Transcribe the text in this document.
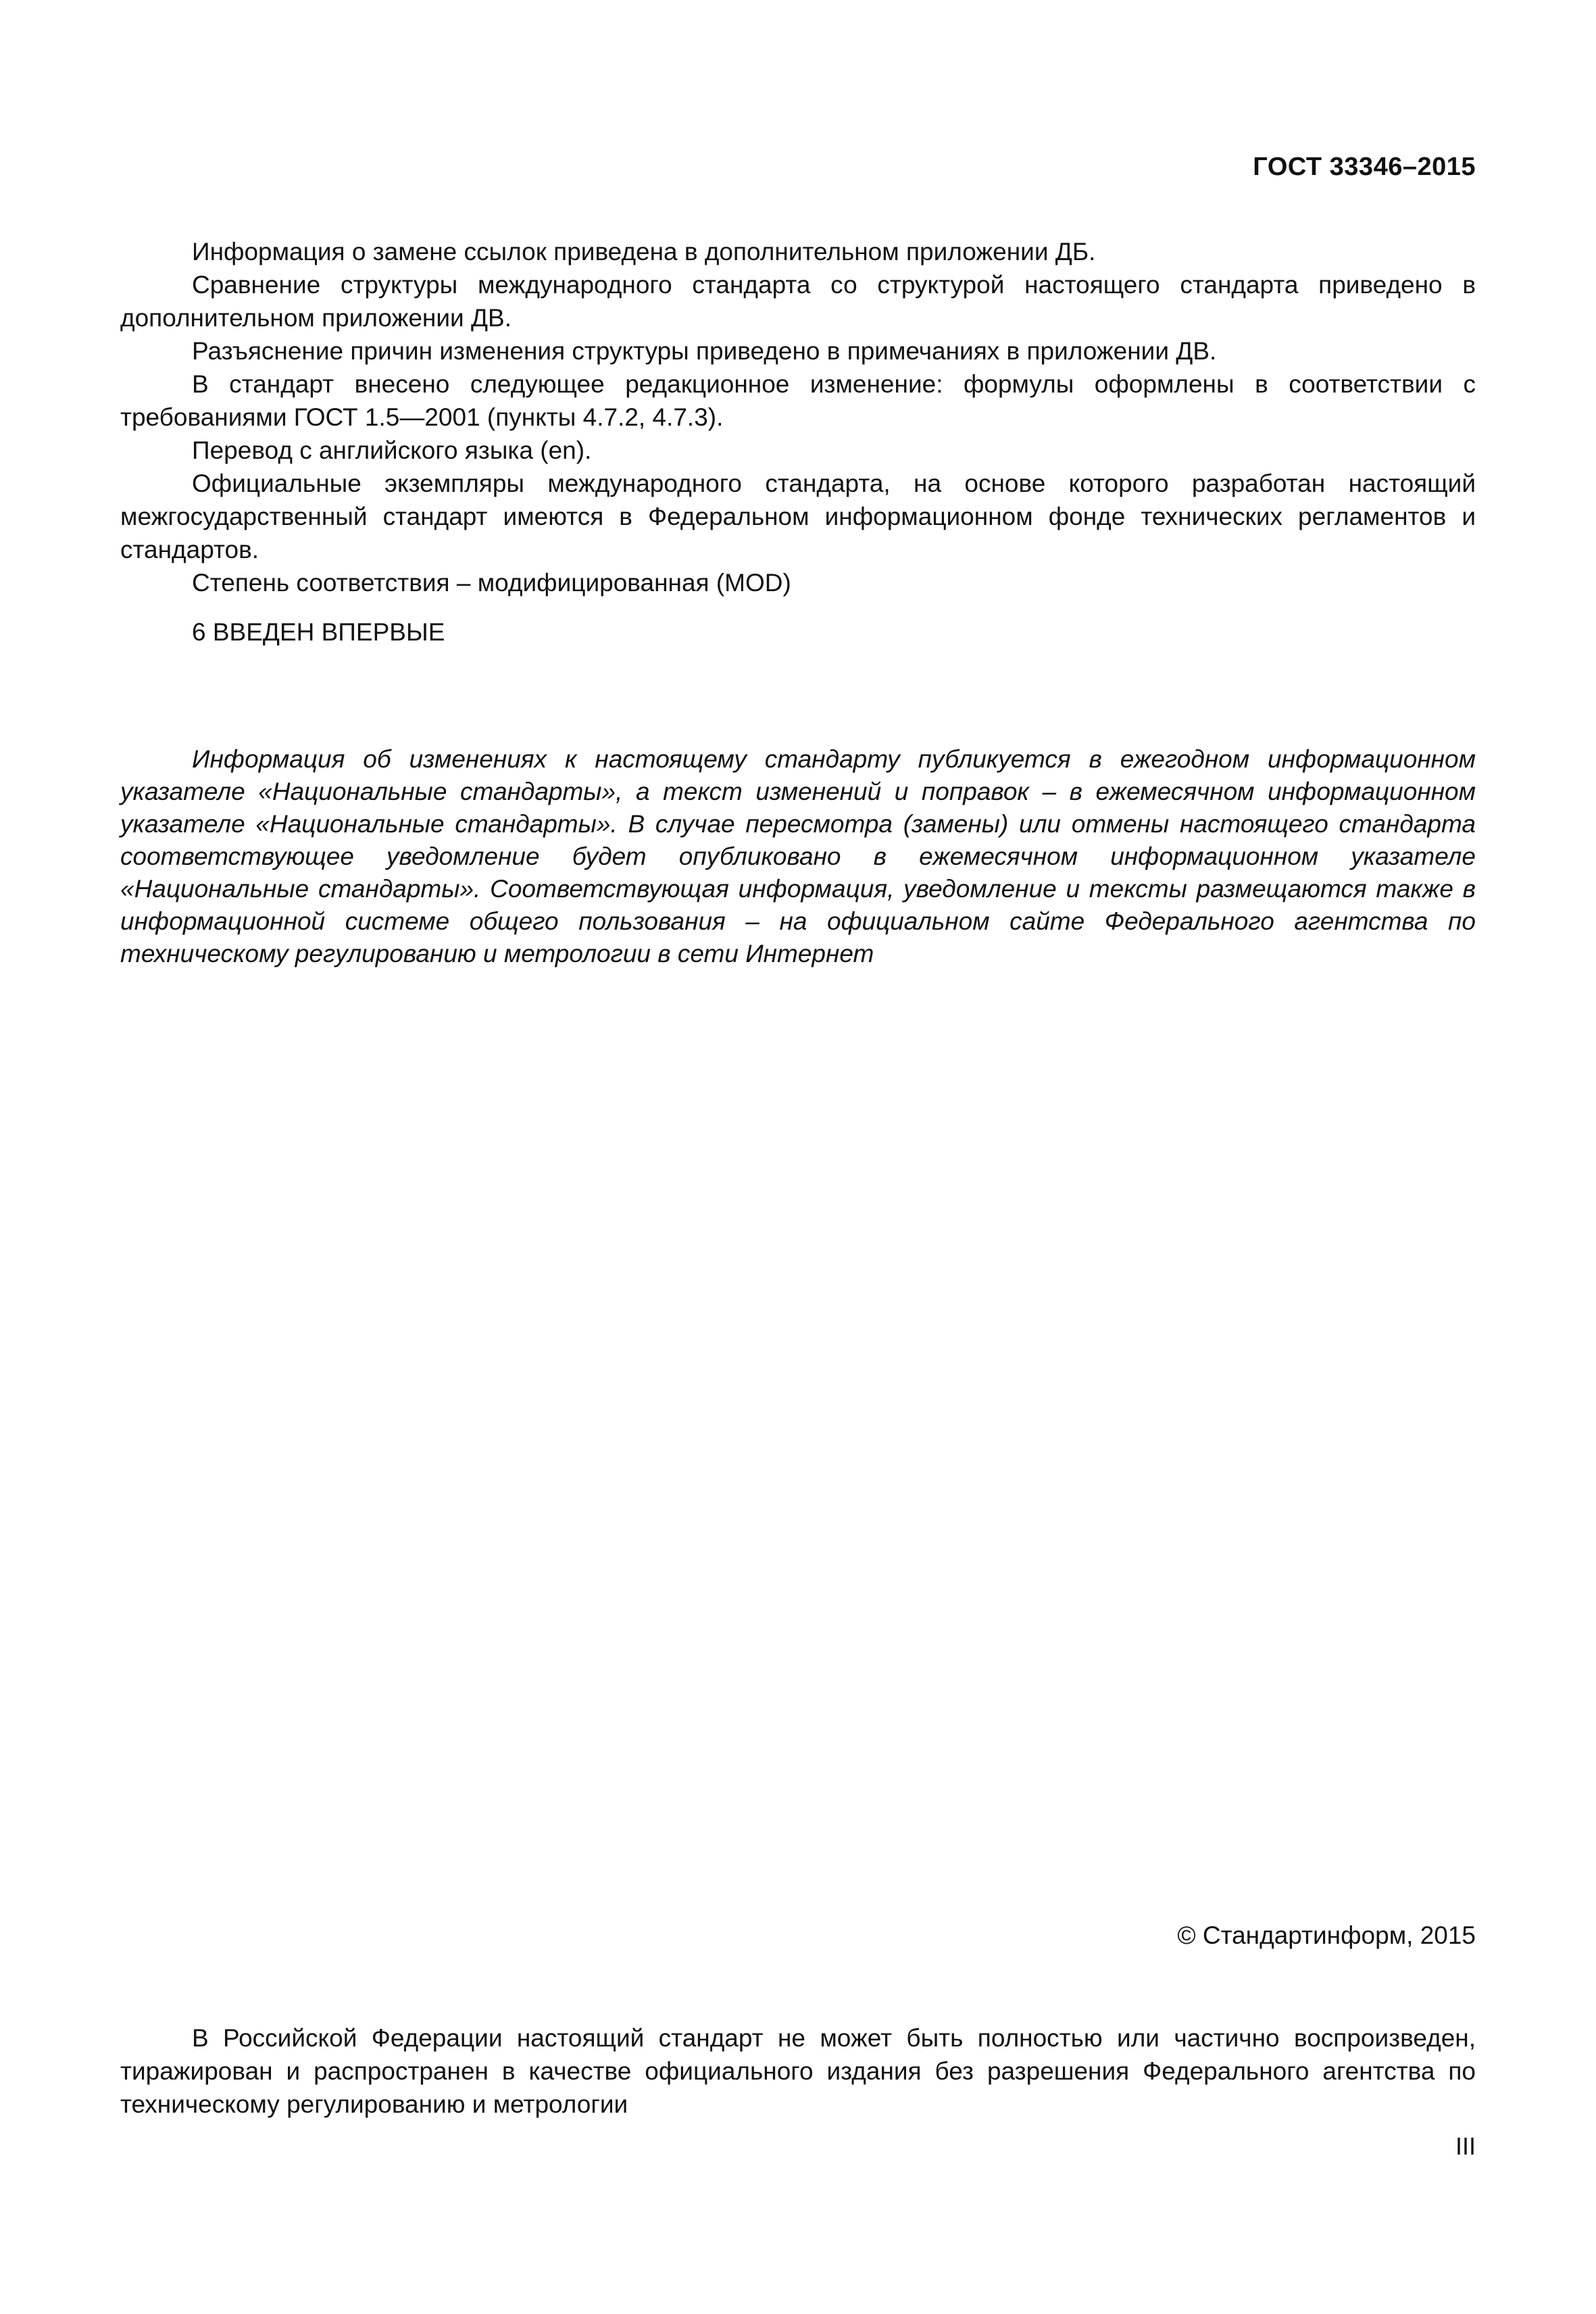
ГОСТ 33346–2015

Информация о замене ссылок приведена в дополнительном приложении ДБ.

Сравнение структуры международного стандарта со структурой настоящего стандарта приведено в дополнительном приложении ДВ.

Разъяснение причин изменения структуры приведено в примечаниях в приложении ДВ.

В стандарт внесено следующее редакционное изменение: формулы оформлены в соответствии с требованиями ГОСТ 1.5—2001 (пункты 4.7.2, 4.7.3).

Перевод с английского языка (en).

Официальные экземпляры международного стандарта, на основе которого разработан настоящий межгосударственный стандарт имеются в Федеральном информационном фонде технических регламентов и стандартов.

Степень соответствия – модифицированная (MOD)

6 ВВЕДЕН ВПЕРВЫЕ

Информация об изменениях к настоящему стандарту публикуется в ежегодном информационном указателе «Национальные стандарты», а текст изменений и поправок – в ежемесячном информационном указателе «Национальные стандарты». В случае пересмотра (замены) или отмены настоящего стандарта соответствующее уведомление будет опубликовано в ежемесячном информационном указателе «Национальные стандарты». Соответствующая информация, уведомление и тексты размещаются также в информационной системе общего пользования – на официальном сайте Федерального агентства по техническому регулированию и метрологии в сети Интернет

© Стандартинформ, 2015

В Российской Федерации настоящий стандарт не может быть полностью или частично воспроизведен, тиражирован и распространен в качестве официального издания без разрешения Федерального агентства по техническому регулированию и метрологии

III
